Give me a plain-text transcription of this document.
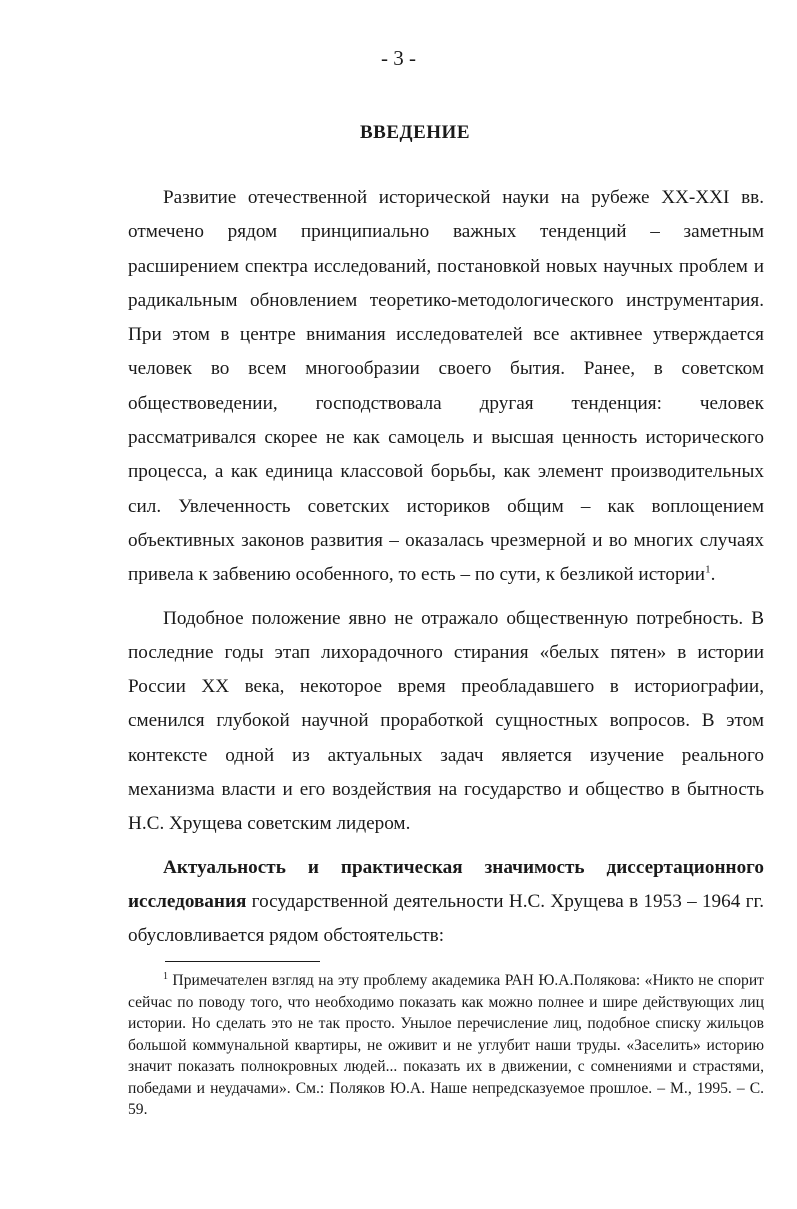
- 3 -
ВВЕДЕНИЕ

Развитие отечественной исторической науки на рубеже XX-XXI вв. отмечено рядом принципиально важных тенденций – заметным расширением спектра исследований, постановкой новых научных проблем и радикальным обновлением теоретико-методологического инструментария. При этом в центре внимания исследователей все активнее утверждается человек во всем многообразии своего бытия. Ранее, в советском обществоведении, господствовала другая тенденция: человек рассматривался скорее не как самоцель и высшая ценность исторического процесса, а как единица классовой борьбы, как элемент производительных сил. Увлеченность советских историков общим – как воплощением объективных законов развития – оказалась чрезмерной и во многих случаях привела к забвению особенного, то есть – по сути, к безликой истории$^1$.

Подобное положение явно не отражало общественную потребность. В последние годы этап лихорадочного стирания «белых пятен» в истории России XX века, некоторое время преобладавшего в историографии, сменился глубокой научной проработкой сущностных вопросов. В этом контексте одной из актуальных задач является изучение реального механизма власти и его воздействия на государство и общество в бытность Н.С. Хрущева советским лидером.

Актуальность и практическая значимость диссертационного исследования государственной деятельности Н.С. Хрущева в 1953 – 1964 гг. обусловливается рядом обстоятельств:

$^1$ Примечателен взгляд на эту проблему академика РАН Ю.А.Полякова: «Никто не спорит сейчас по поводу того, что необходимо показать как можно полнее и шире действующих лиц истории. Но сделать это не так просто. Унылое перечисление лиц, подобное списку жильцов большой коммунальной квартиры, не оживит и не углубит наши труды. «Заселить» историю значит показать полнокровных людей... показать их в движении, с сомнениями и страстями, победами и неудачами». См.: Поляков Ю.А. Наше непредсказуемое прошлое. – М., 1995. – С. 59.
